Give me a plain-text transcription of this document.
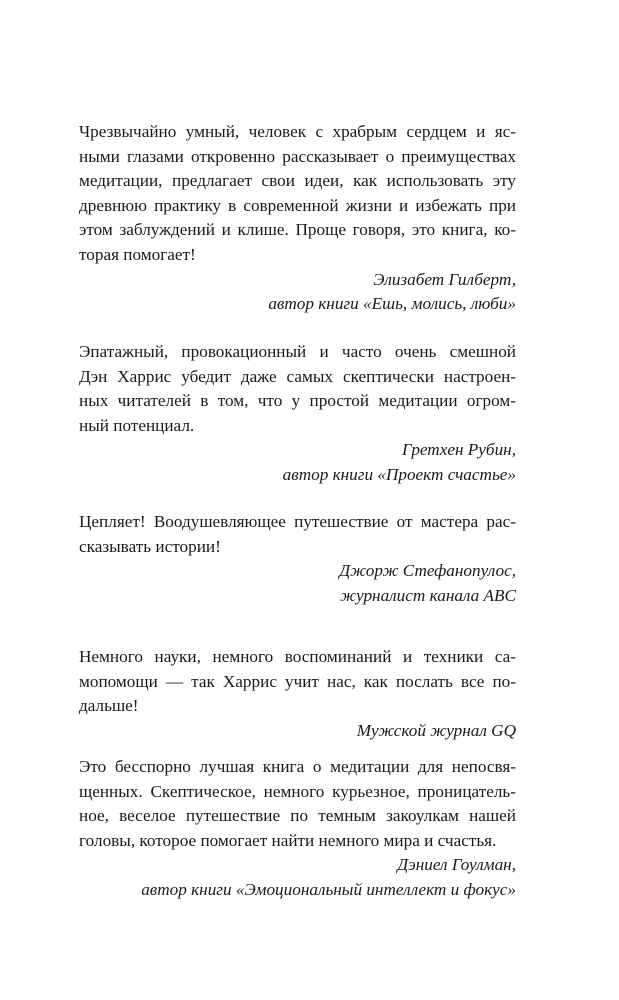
Чрезвычайно умный, человек с храбрым сердцем и яс-
ными глазами откровенно рассказывает о преимуществах
медитации, предлагает свои идеи, как использовать эту
древнюю практику в современной жизни и избежать при
этом заблуждений и клише. Проще говоря, это книга, ко-
торая помогает!
Элизабет Гилберт,
автор книги «Ешь, молись, люби»
Эпатажный, провокационный и часто очень смешной
Дэн Харрис убедит даже самых скептически настроен-
ных читателей в том, что у простой медитации огром-
ный потенциал.
Гретхен Рубин,
автор книги «Проект счастье»
Цепляет! Воодушевляющее путешествие от мастера рас-
сказывать истории!
Джорж Стефанопулос,
журналист канала ABC
Немного науки, немного воспоминаний и техники са-
мопомощи — так Харрис учит нас, как послать все по-
дальше!
Мужской журнал GQ
Это бесспорно лучшая книга о медитации для непосвя-
щенных. Скептическое, немного курьезное, проницатель-
ное, веселое путешествие по темным закоулкам нашей
головы, которое помогает найти немного мира и счастья.
Дэниел Гоулман,
автор книги «Эмоциональный интеллект и фокус»
